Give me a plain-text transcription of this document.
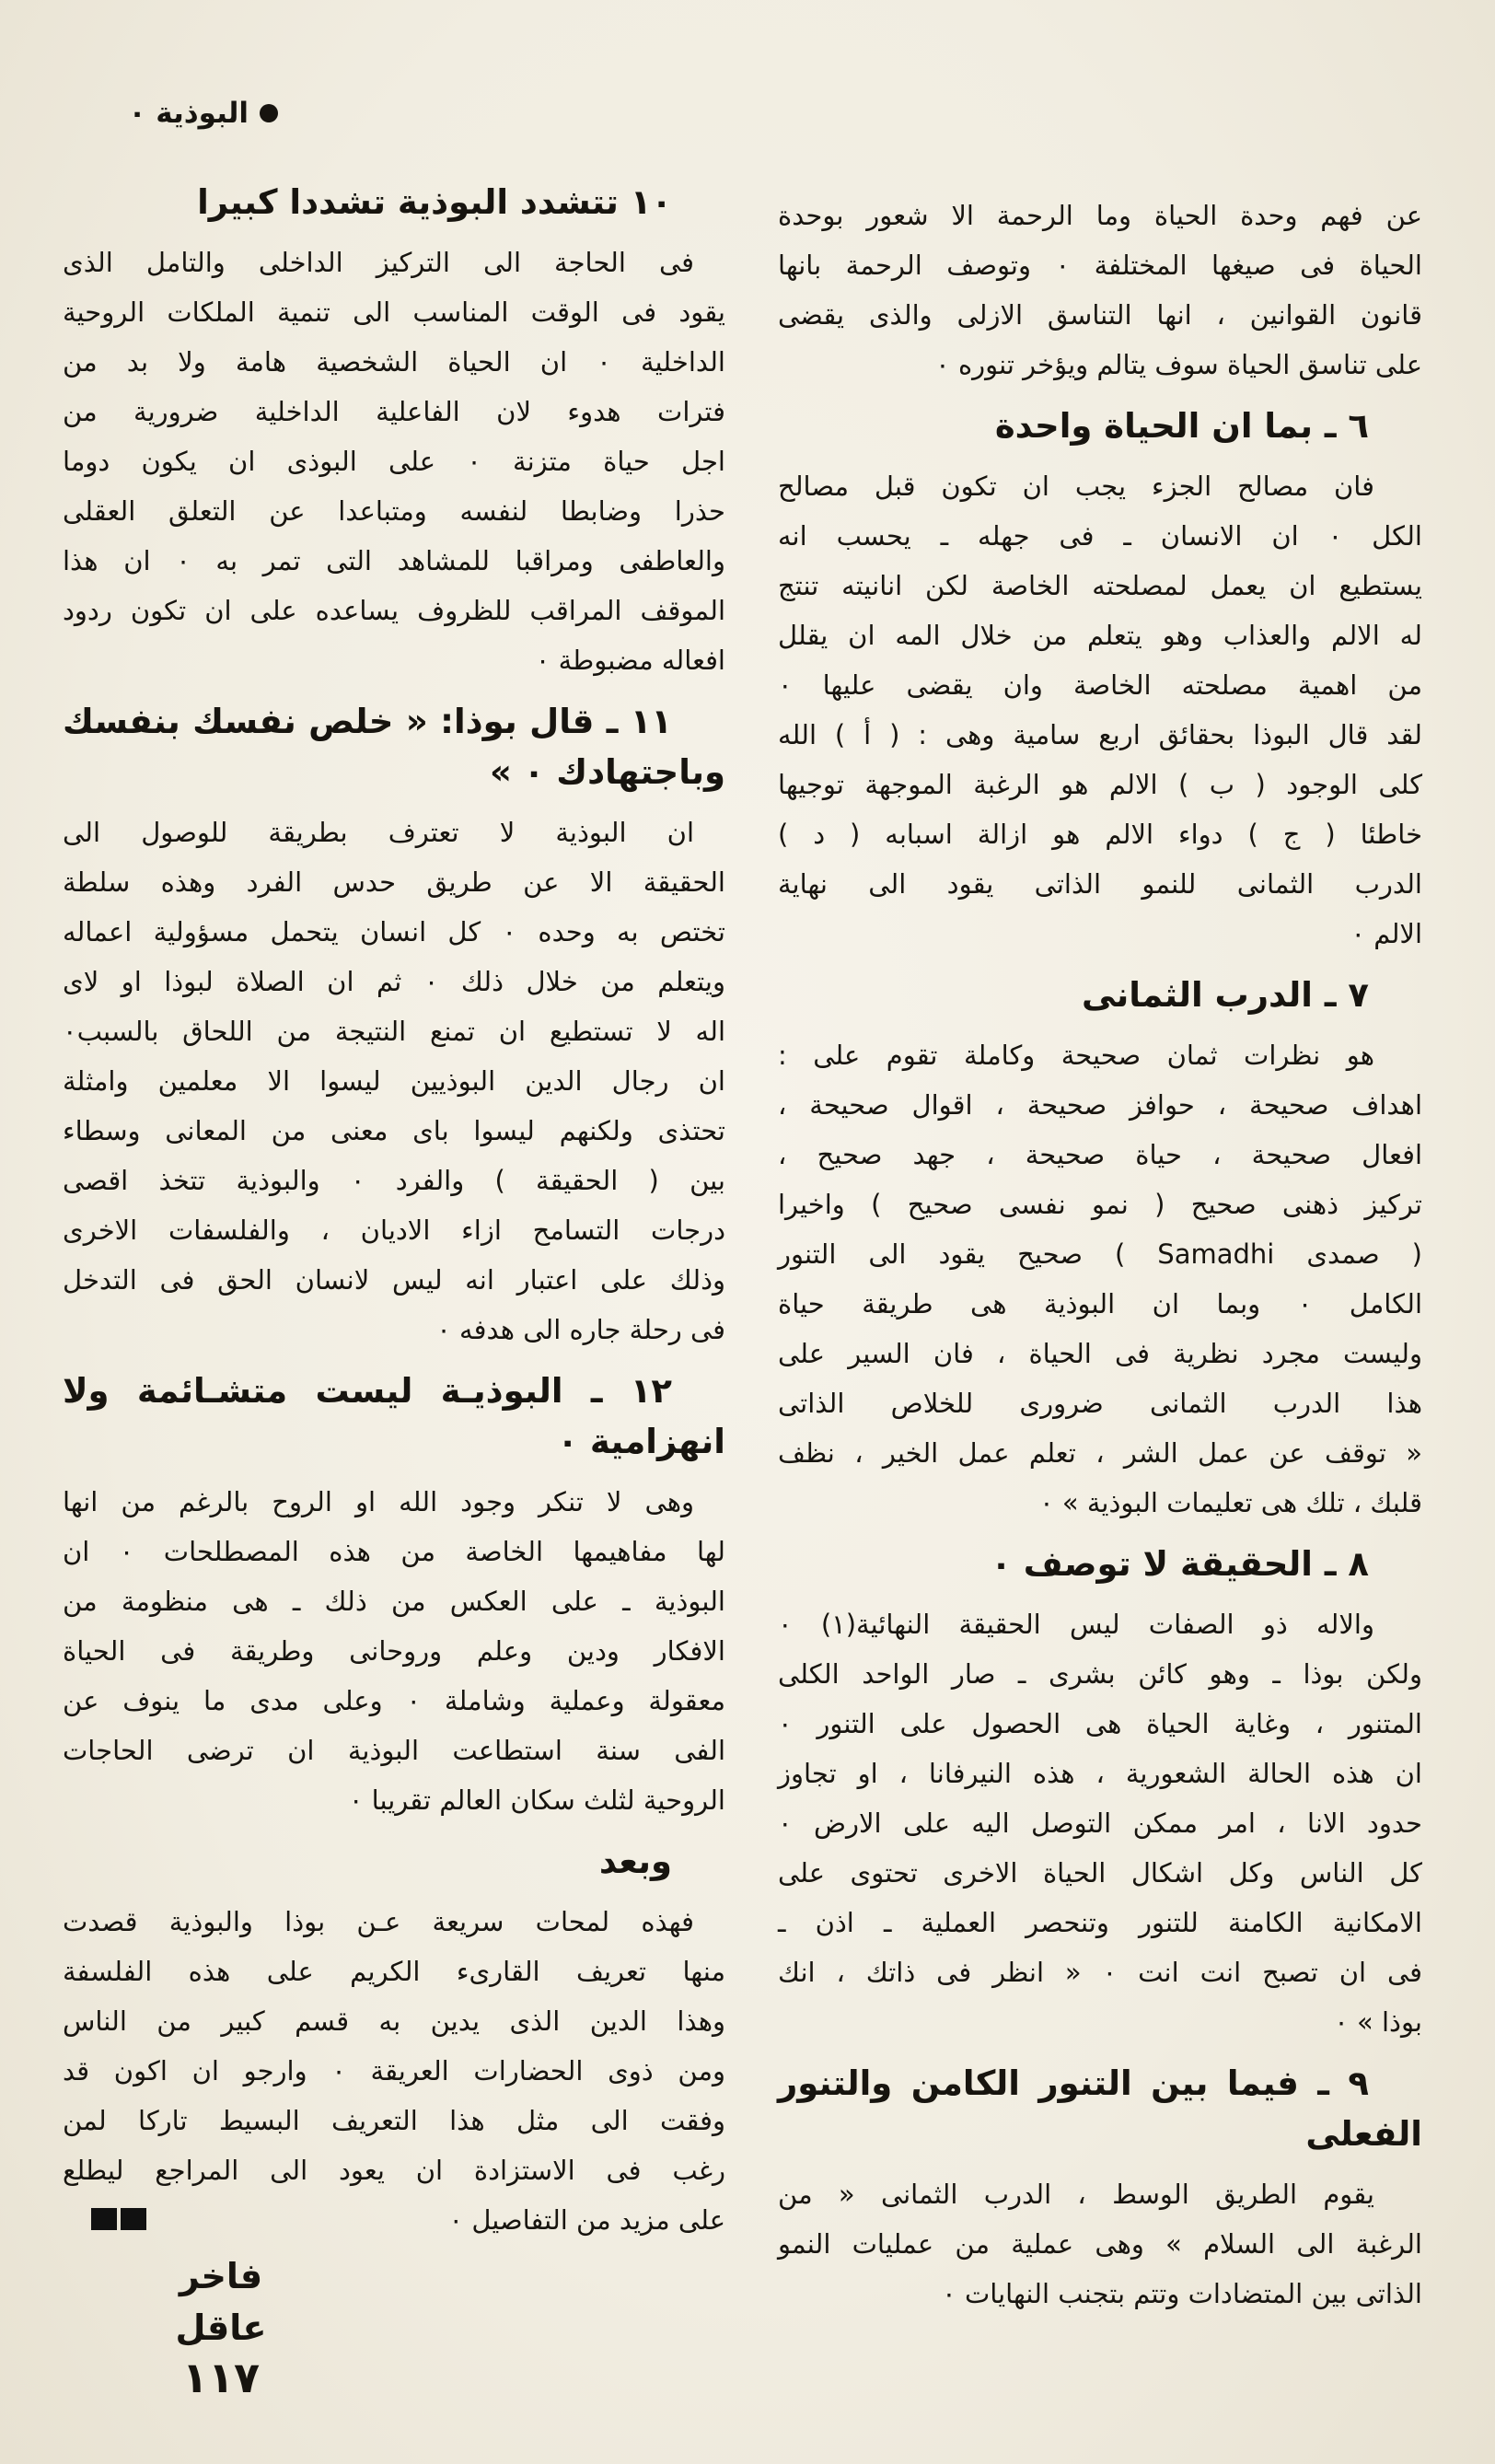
البوذية ٠
عن فهم وحدة الحياة وما الرحمة الا شعور بوحدة
الحياة فى صيغها المختلفة ٠ وتوصف الرحمة بانها
قانون القوانين ، انها التناسق الازلى والذى يقضى
على تناسق الحياة سوف يتالم ويؤخر تنوره ٠
٦ ـ بما ان الحياة واحدة
فان مصالح الجزء يجب ان تكون قبل مصالح
الكل ٠ ان الانسان ـ فى جهله ـ يحسب انه
يستطيع ان يعمل لمصلحته الخاصة لكن انانيته تنتج
له الالم والعذاب وهو يتعلم من خلال المه ان يقلل
من اهمية مصلحته الخاصة وان يقضى عليها ٠
لقد قال البوذا بحقائق اربع سامية وهى : ( أ ) الله
كلى الوجود ( ب ) الالم هو الرغبة الموجهة توجيها
خاطئا ( ج ) دواء الالم هو ازالة اسبابه ( د )
الدرب الثمانى للنمو الذاتى يقود الى نهاية
الالم ٠
٧ ـ الدرب الثمانى
هو نظرات ثمان صحيحة وكاملة تقوم على :
اهداف صحيحة ، حوافز صحيحة ، اقوال صحيحة ،
افعال صحيحة ، حياة صحيحة ، جهد صحيح ،
تركيز ذهنى صحيح ( نمو نفسى صحيح ) واخيرا
( صمدى Samadhi ) صحيح يقود الى التنور
الكامل ٠ وبما ان البوذية هى طريقة حياة
وليست مجرد نظرية فى الحياة ، فان السير على
هذا الدرب الثمانى ضرورى للخلاص الذاتى
« توقف عن عمل الشر ، تعلم عمل الخير ، نظف
قلبك ، تلك هى تعليمات البوذية » ٠
٨ ـ الحقيقة لا توصف ٠
والاله ذو الصفات ليس الحقيقة النهائية(١) ٠
ولكن بوذا ـ وهو كائن بشرى ـ صار الواحد الكلى
المتنور ، وغاية الحياة هى الحصول على التنور ٠
ان هذه الحالة الشعورية ، هذه النيرفانا ، او تجاوز
حدود الانا ، امر ممكن التوصل اليه على الارض ٠
كل الناس وكل اشكال الحياة الاخرى تحتوى على
الامكانية الكامنة للتنور وتنحصر العملية ـ اذن ـ
فى ان تصبح انت انت ٠ « انظر فى ذاتك ، انك
بوذا » ٠
٩ ـ فيما بين التنور الكامن والتنور
الفعلى
يقوم الطريق الوسط ، الدرب الثمانى « من
الرغبة الى السلام » وهى عملية من عمليات النمو
الذاتى بين المتضادات وتتم بتجنب النهايات ٠
١٠ تتشدد البوذية تشددا كبيرا
فى الحاجة الى التركيز الداخلى والتامل الذى
يقود فى الوقت المناسب الى تنمية الملكات الروحية
الداخلية ٠ ان الحياة الشخصية هامة ولا بد من
فترات هدوء لان الفاعلية الداخلية ضرورية من
اجل حياة متزنة ٠ على البوذى ان يكون دوما
حذرا وضابطا لنفسه ومتباعدا عن التعلق العقلى
والعاطفى ومراقبا للمشاهد التى تمر به ٠ ان هذا
الموقف المراقب للظروف يساعده على ان تكون ردود
افعاله مضبوطة ٠
١١ ـ قال بوذا: « خلص نفسك بنفسك
وباجتهادك ٠ »
ان البوذية لا تعترف بطريقة للوصول الى
الحقيقة الا عن طريق حدس الفرد وهذه سلطة
تختص به وحده ٠ كل انسان يتحمل مسؤولية اعماله
ويتعلم من خلال ذلك ٠ ثم ان الصلاة لبوذا او لاى
اله لا تستطيع ان تمنع النتيجة من اللحاق بالسبب٠
ان رجال الدين البوذيين ليسوا الا معلمين وامثلة
تحتذى ولكنهم ليسوا باى معنى من المعانى وسطاء
بين ( الحقيقة ) والفرد ٠ والبوذية تتخذ اقصى
درجات التسامح ازاء الاديان ، والفلسفات الاخرى
وذلك على اعتبار انه ليس لانسان الحق فى التدخل
فى رحلة جاره الى هدفه ٠
١٢ ـ البوذيـة ليست متشـائمة ولا
انهزامية ٠
وهى لا تنكر وجود الله او الروح بالرغم من انها
لها مفاهيمها الخاصة من هذه المصطلحات ٠ ان
البوذية ـ على العكس من ذلك ـ هى منظومة من
الافكار ودين وعلم وروحانى وطريقة فى الحياة
معقولة وعملية وشاملة ٠ وعلى مدى ما ينوف عن
الفى سنة استطاعت البوذية ان ترضى الحاجات
الروحية لثلث سكان العالم تقريبا ٠
وبعد
فهذه لمحات سريعة عـن بوذا والبوذية قصدت
منها تعريف القارىء الكريم على هذه الفلسفة
وهذا الدين الذى يدين به قسم كبير من الناس
ومن ذوى الحضارات العريقة ٠ وارجو ان اكون قد
وفقت الى مثل هذا التعريف البسيط تاركا لمن
رغب فى الاستزادة ان يعود الى المراجع ليطلع
على مزيد من التفاصيل ٠
فاخر عاقل
١١٧
